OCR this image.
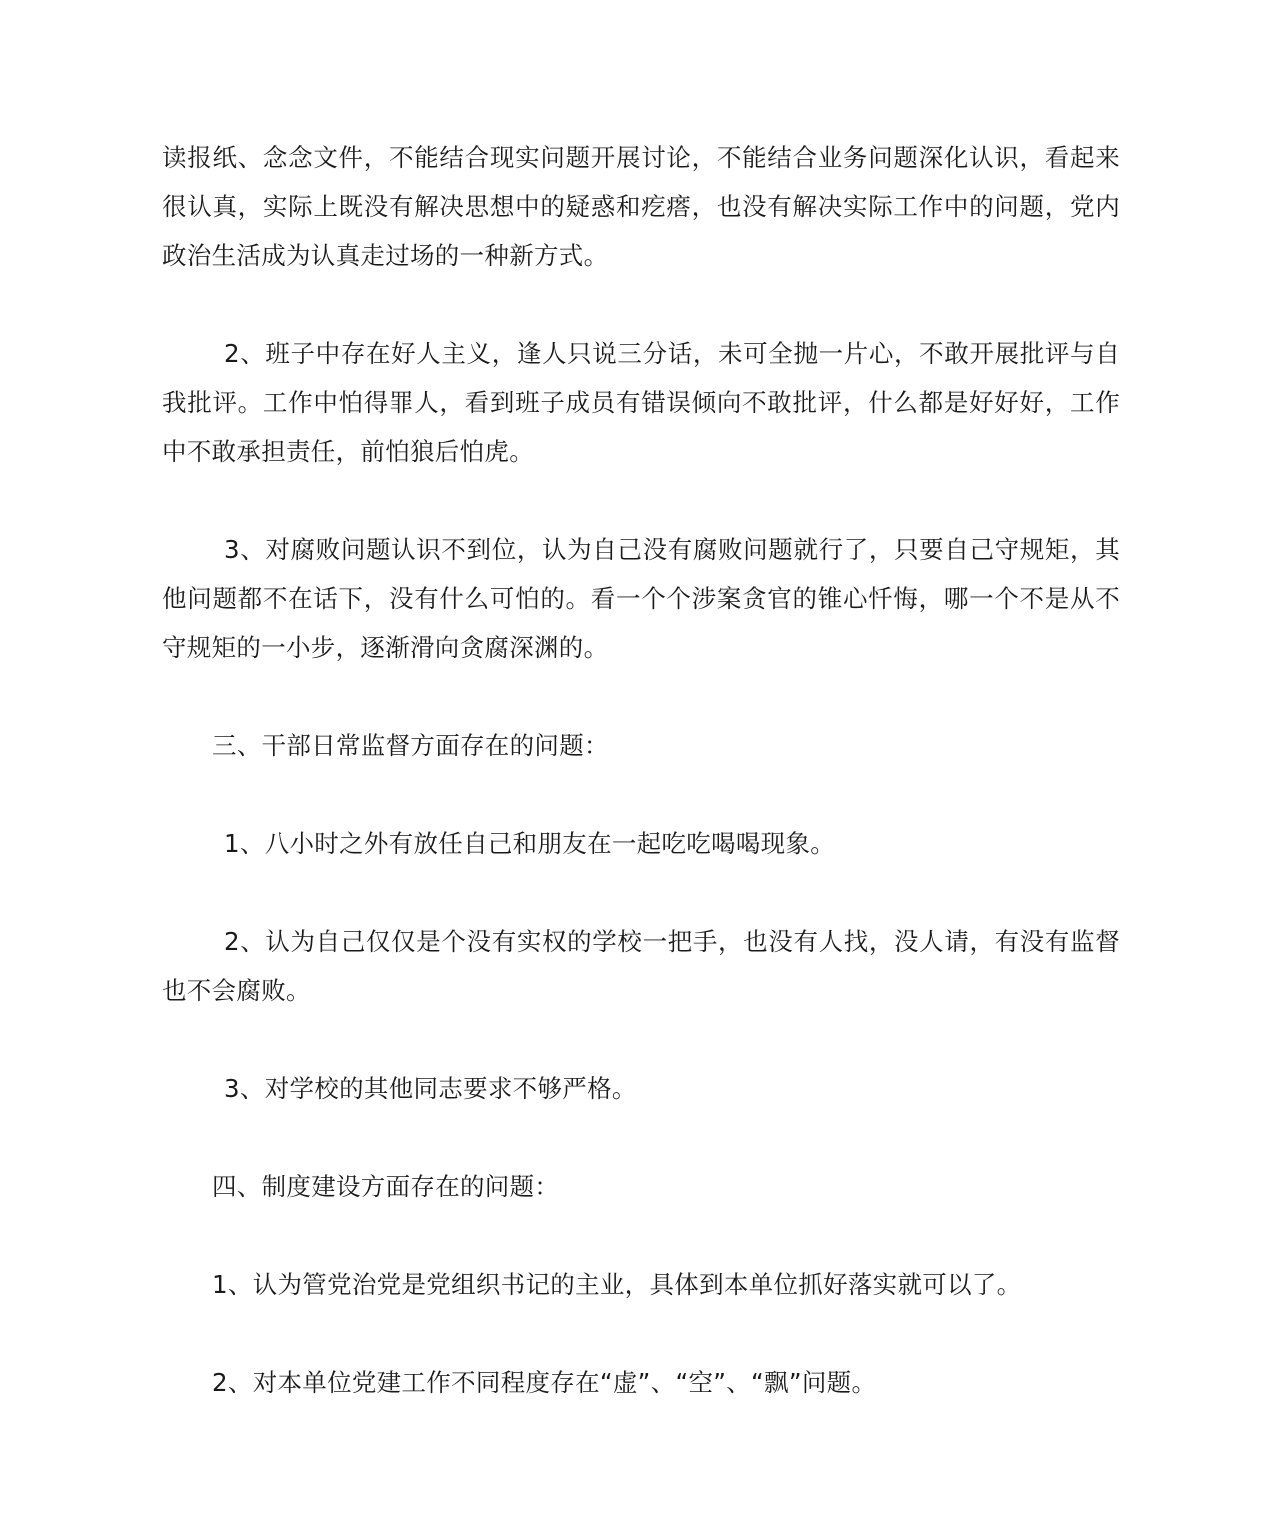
读报纸、念念文件，不能结合现实问题开展讨论，不能结合业务问题深化认识，看起来很认真，实际上既没有解决思想中的疑惑和疙瘩，也没有解决实际工作中的问题，党内政治生活成为认真走过场的一种新方式。

2、班子中存在好人主义，逢人只说三分话，未可全抛一片心，不敢开展批评与自我批评。工作中怕得罪人，看到班子成员有错误倾向不敢批评，什么都是好好好，工作中不敢承担责任，前怕狼后怕虎。

3、对腐败问题认识不到位，认为自己没有腐败问题就行了，只要自己守规矩，其他问题都不在话下，没有什么可怕的。看一个个涉案贪官的锥心忏悔，哪一个不是从不守规矩的一小步，逐渐滑向贪腐深渊的。

三、干部日常监督方面存在的问题：

1、八小时之外有放任自己和朋友在一起吃吃喝喝现象。

2、认为自己仅仅是个没有实权的学校一把手，也没有人找，没人请，有没有监督也不会腐败。

3、对学校的其他同志要求不够严格。

四、制度建设方面存在的问题：

1、认为管党治党是党组织书记的主业，具体到本单位抓好落实就可以了。

2、对本单位党建工作不同程度存在“虚”、“空”、“飘”问题。
